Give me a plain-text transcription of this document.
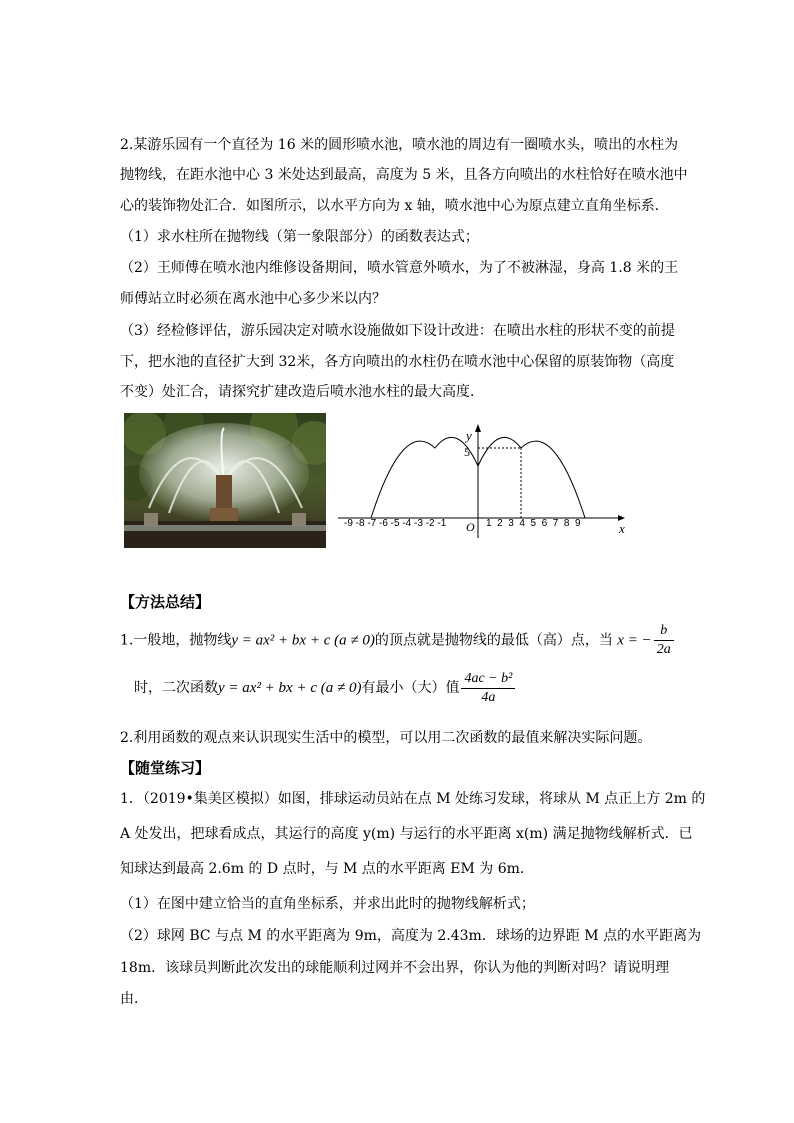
2.某游乐园有一个直径为 16 米的圆形喷水池，喷水池的周边有一圈喷水头，喷出的水柱为
抛物线，在距水池中心 3 米处达到最高，高度为 5 米，且各方向喷出的水柱恰好在喷水池中
心的装饰物处汇合．如图所示，以水平方向为 x 轴，喷水池中心为原点建立直角坐标系．
（1）求水柱所在抛物线（第一象限部分）的函数表达式；
（2）王师傅在喷水池内维修设备期间，喷水管意外喷水，为了不被淋湿，身高 1.8 米的王
师傅站立时必须在离水池中心多少米以内？
（3）经检修评估，游乐园决定对喷水设施做如下设计改进：在喷出水柱的形状不变的前提
下，把水池的直径扩大到 32米，各方向喷出的水柱仍在喷水池中心保留的原装饰物（高度
不变）处汇合，请探究扩建改造后喷水池水柱的最大高度．
y
x
5
O
-9 -8 -7 -6 -5 -4 -3 -2 -1	1  2  3  4  5  6  7  8  9
【方法总结】
1.一般地，抛物线y = ax² + bx + c (a ≠ 0)的顶点就是抛物线的最低（高）点，当 x = − $\frac{b}{2a}$
时，二次函数y = ax² + bx + c (a ≠ 0)有最小（大）值 $\frac{\text{4ac − b²}}{4a}$
2.利用函数的观点来认识现实生活中的模型，可以用二次函数的最值来解决实际问题。
【随堂练习】
1．（2019•集美区模拟）如图，排球运动员站在点 M 处练习发球，将球从 M 点正上方 2m 的
A 处发出，把球看成点，其运行的高度 y(m) 与运行的水平距离 x(m) 满足抛物线解析式．已
知球达到最高 2.6m 的 D 点时，与 M 点的水平距离 EM 为 6m．
（1）在图中建立恰当的直角坐标系，并求出此时的抛物线解析式；
（2）球网 BC 与点 M 的水平距离为 9m，高度为 2.43m．球场的边界距 M 点的水平距离为
18m．该球员判断此次发出的球能顺利过网并不会出界，你认为他的判断对吗？请说明理
由．
